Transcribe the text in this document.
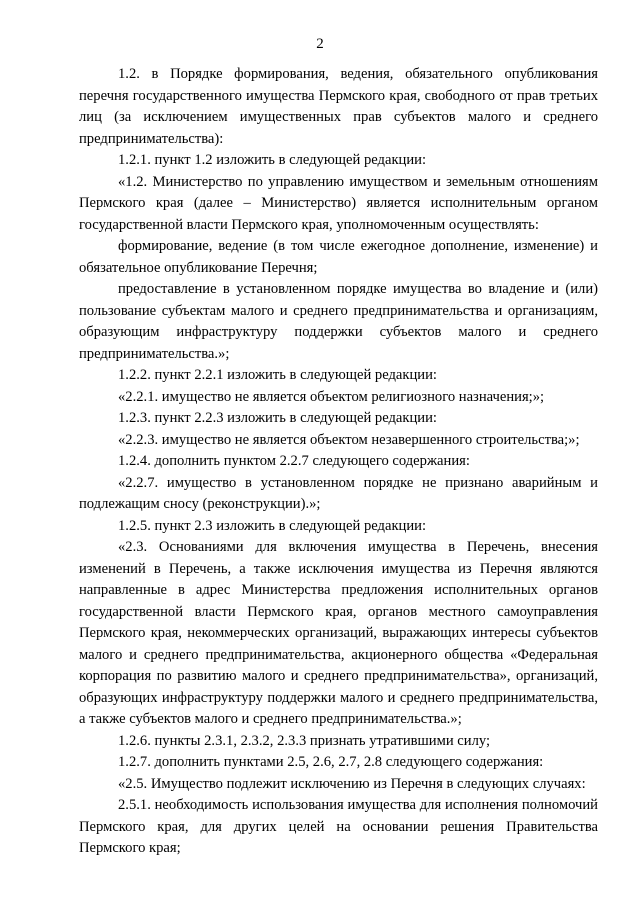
2

1.2. в Порядке формирования, ведения, обязательного опубликования перечня государственного имущества Пермского края, свободного от прав третьих лиц (за исключением имущественных прав субъектов малого и среднего предпринимательства):

1.2.1. пункт 1.2 изложить в следующей редакции:

«1.2. Министерство по управлению имуществом и земельным отношениям Пермского края (далее – Министерство) является исполнительным органом государственной власти Пермского края, уполномоченным осуществлять:

формирование, ведение (в том числе ежегодное дополнение, изменение) и обязательное опубликование Перечня;

предоставление в установленном порядке имущества во владение и (или) пользование субъектам малого и среднего предпринимательства и организациям, образующим инфраструктуру поддержки субъектов малого и среднего предпринимательства.»;

1.2.2. пункт 2.2.1 изложить в следующей редакции:

«2.2.1. имущество не является объектом религиозного назначения;»;

1.2.3. пункт 2.2.3 изложить в следующей редакции:

«2.2.3. имущество не является объектом незавершенного строительства;»;

1.2.4. дополнить пунктом 2.2.7 следующего содержания:

«2.2.7. имущество в установленном порядке не признано аварийным и подлежащим сносу (реконструкции).»;

1.2.5. пункт 2.3 изложить в следующей редакции:

«2.3. Основаниями для включения имущества в Перечень, внесения изменений в Перечень, а также исключения имущества из Перечня являются направленные в адрес Министерства предложения исполнительных органов государственной власти Пермского края, органов местного самоуправления Пермского края, некоммерческих организаций, выражающих интересы субъектов малого и среднего предпринимательства, акционерного общества «Федеральная корпорация по развитию малого и среднего предпринимательства», организаций, образующих инфраструктуру поддержки малого и среднего предпринимательства, а также субъектов малого и среднего предпринимательства.»;

1.2.6. пункты 2.3.1, 2.3.2, 2.3.3 признать утратившими силу;

1.2.7. дополнить пунктами 2.5, 2.6, 2.7, 2.8 следующего содержания:

«2.5. Имущество подлежит исключению из Перечня в следующих случаях:

2.5.1. необходимость использования имущества для исполнения полномочий Пермского края, для других целей на основании решения Правительства Пермского края;
